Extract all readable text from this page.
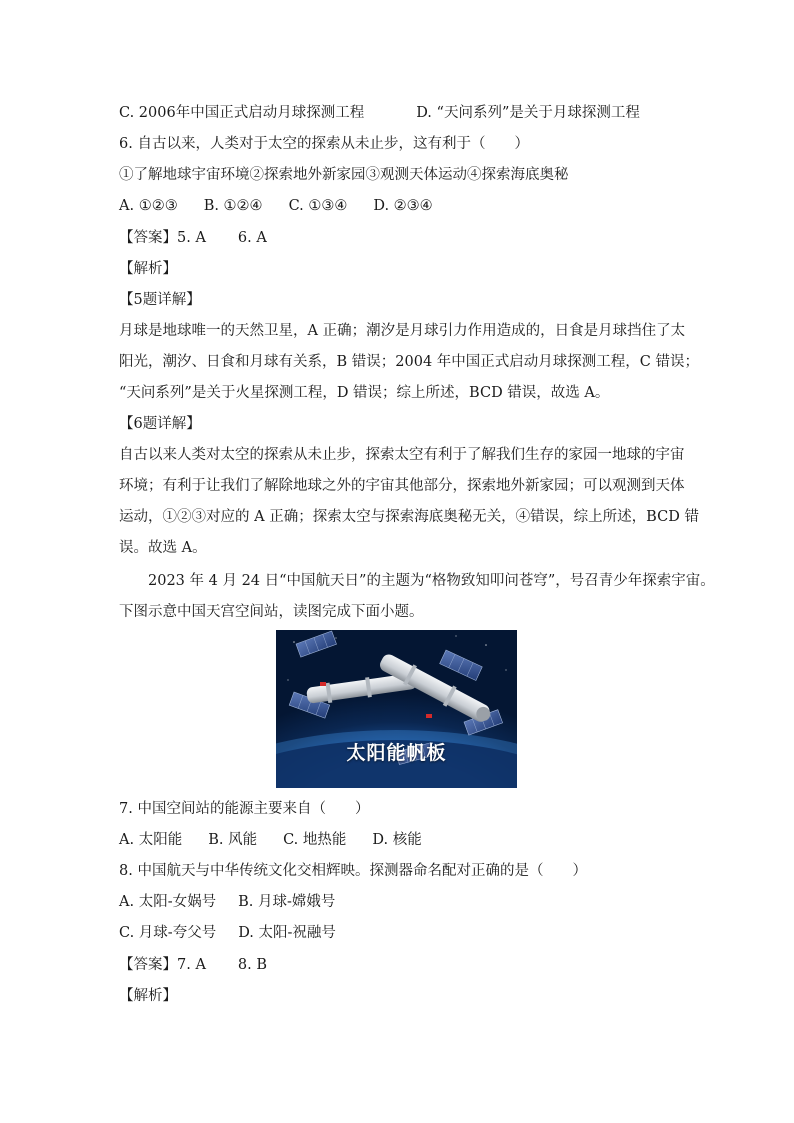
C. 2006年中国正式启动月球探测工程	D. “天问系列”是关于月球探测工程
6. 自古以来，人类对于太空的探索从未止步，这有利于（　　）
①了解地球宇宙环境②探索地外新家园③观测天体运动④探索海底奥秘
A. ①②③ B. ①②④ C. ①③④ D. ②③④
【答案】5. A 6. A
【解析】
【5题详解】
月球是地球唯一的天然卫星，A 正确；潮汐是月球引力作用造成的，日食是月球挡住了太
阳光，潮汐、日食和月球有关系，B 错误；2004 年中国正式启动月球探测工程，C 错误；
“天问系列”是关于火星探测工程，D 错误；综上所述，BCD 错误，故选 A。
【6题详解】
自古以来人类对太空的探索从未止步，探索太空有利于了解我们生存的家园一地球的宇宙
环境；有利于让我们了解除地球之外的宇宙其他部分，探索地外新家园；可以观测到天体
运动，①②③对应的 A 正确；探索太空与探索海底奥秘无关，④错误，综上所述，BCD 错
误。故选 A。
2023 年 4 月 24 日“中国航天日”的主题为“格物致知叩问苍穹”，号召青少年探索宇宙。
下图示意中国天宫空间站，读图完成下面小题。
太阳能帆板
7. 中国空间站的能源主要来自（　　）
A. 太阳能 B. 风能 C. 地热能 D. 核能
8. 中国航天与中华传统文化交相辉映。探测器命名配对正确的是（　　）
A. 太阳-女娲号 B. 月球-嫦娥号
C. 月球-夸父号 D. 太阳-祝融号
【答案】7. A 8. B
【解析】
